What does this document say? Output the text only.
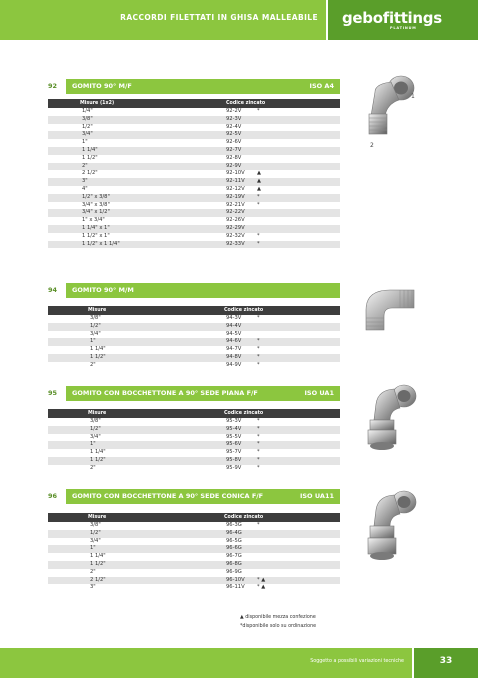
RACCORDI FILETTATI IN GHISA MALLEABILE gebofittings
PLATINUM
92	GOMITO 90° M/F	ISO A4
Misure (1x2)	Codice zincato
1/4"	92-2V	*
3/8"	92-3V
1/2"	92-4V
3/4"	92-5V
1"	92-6V
1 1/4"	92-7V
1 1/2"	92-8V
2"	92-9V
2 1/2"	92-10V ▲
3"	92-11V ▲
4"	92-12V ▲
1/2" x 3/8"	92-19V *
3/4" x 3/8"	92-21V *
3/4" x 1/2"	92-22V
1" x 3/4"	92-26V
1 1/4" x 1"	92-29V
1 1/2" x 1"	92-32V *
1 1/2" x 1 1/4"	92-33V *
94	GOMITO 90° M/M
Misure	Codice zincato
3/8"	94-3V	*
1/2"	94-4V
3/4"	94-5V
1"	94-6V	*
1 1/4"	94-7V	*
1 1/2"	94-8V	*
2"	94-9V	*
95	GOMITO CON BOCCHETTONE A 90° SEDE PIANA F/F	ISO UA1
Misure	Codice zincato
3/8"	95-3V	*
1/2"	95-4V	*
3/4"	95-5V	*
1"	95-6V	*
1 1/4"	95-7V	*
1 1/2"	95-8V	*
2"	95-9V	*
96	GOMITO CON BOCCHETTONE A 90° SEDE CONICA F/F	ISO UA11
Misure	Codice zincato
3/8"	96-3G	*
1/2"	96-4G
3/4"	96-5G
1"	96-6G
1 1/4"	96-7G
1 1/2"	96-8G
2"	96-9G
2 1/2"	96-10V * ▲
3"	96-11V * ▲
1
2
▲ disponibile mezza confezione
*disponibile solo su ordinazione
Soggetto a possibili variazioni tecniche	33
